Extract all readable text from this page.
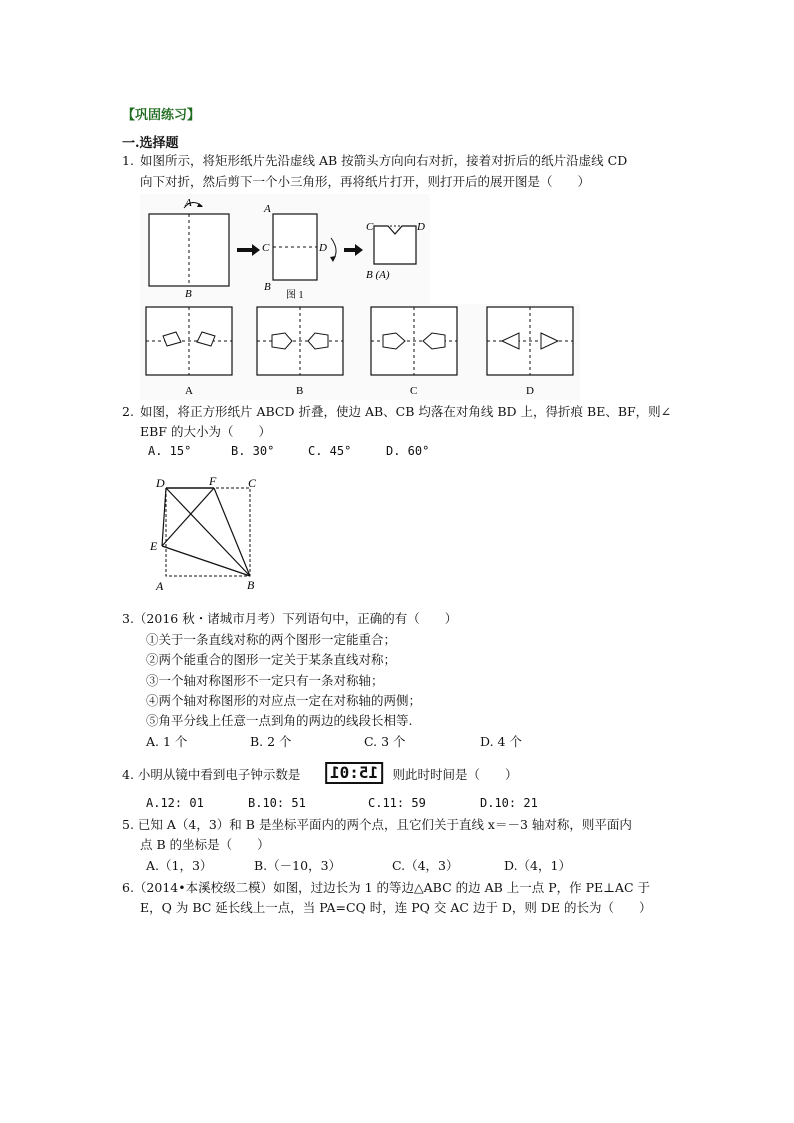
【巩固练习】
一.选择题
1. 如图所示，将矩形纸片先沿虚线 AB 按箭头方向向右对折，接着对折后的纸片沿虚线 CD
向下对折，然后剪下一个小三角形，再将纸片打开，则打开后的展开图是（　　）
A
B
A
C	D
B
图 1
C	D
B (A)
A	B	C	D
2. 如图，将正方形纸片 ABCD 折叠，使边 AB、CB 均落在对角线 BD 上，得折痕 BE、BF，则∠
EBF 的大小为（　　）
A. 15°	B. 30°	C. 45°	D. 60°
D	F	C
E
A	B
3.（2016 秋・诸城市月考）下列语句中，正确的有（　　）
①关于一条直线对称的两个图形一定能重合；
②两个能重合的图形一定关于某条直线对称；
③一个轴对称图形不一定只有一条对称轴；
④两个轴对称图形的对应点一定在对称轴的两侧；
⑤角平分线上任意一点到角的两边的线段长相等.
A. 1 个	B. 2 个	C. 3 个	D. 4 个
4. 小明从镜中看到电子钟示数是	15:01 ，则此时时间是（　　）
A.12: 01	B.10: 51	C.11: 59	D.10: 21
5. 已知 A（4，3）和 B 是坐标平面内的两个点，且它们关于直线 x＝－3 轴对称，则平面内
点 B 的坐标是（　　）
A.（1，3）	B.（－10，3）	C.（4，3）	D.（4，1）
6.（2014•本溪校级二模）如图，过边长为 1 的等边△ABC 的边 AB 上一点 P，作 PE⊥AC 于
E，Q 为 BC 延长线上一点，当 PA=CQ 时，连 PQ 交 AC 边于 D，则 DE 的长为（　　）
